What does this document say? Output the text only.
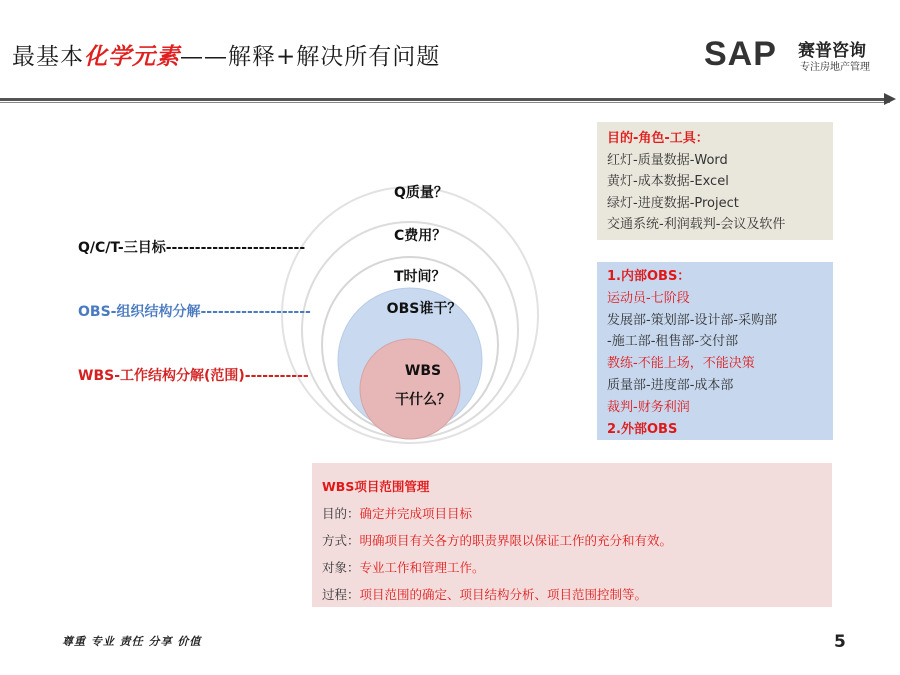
最基本化学元素——解释+解决所有问题	SAP 赛普咨询
专注房地产管理
Q质量？
C费用？
T时间？
OBS谁干？
WBS
干什么？
Q/C/T-三目标------------------------
OBS-组织结构分解-------------------
WBS-工作结构分解(范围)-----------
目的-角色-工具：
红灯-质量数据-Word
黄灯-成本数据-Excel
绿灯-进度数据-Project
交通系统-利润载判-会议及软件
1.内部OBS：
运动员-七阶段
发展部-策划部-设计部-采购部
-施工部-租售部-交付部
教练-不能上场，不能决策
质量部-进度部-成本部
裁判-财务利润
2.外部OBS
WBS项目范围管理
目的：确定并完成项目目标
方式：明确项目有关各方的职责界限以保证工作的充分和有效。
对象：专业工作和管理工作。
过程：项目范围的确定、项目结构分析、项目范围控制等。
尊重 专业 责任 分享 价值	5
